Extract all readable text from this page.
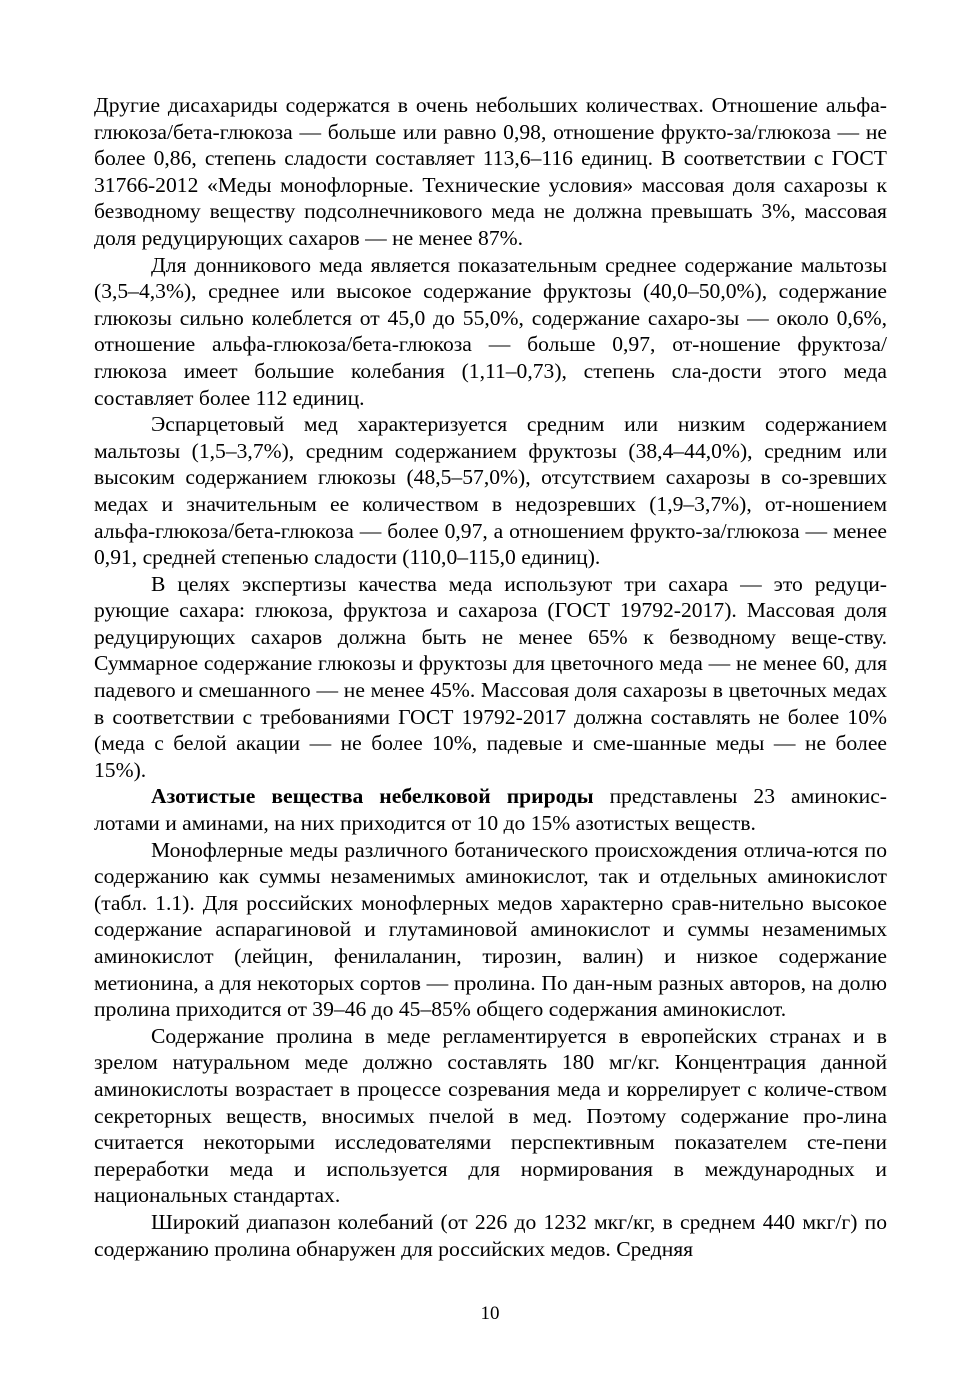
Другие дисахариды содержатся в очень небольших количествах. Отношение альфа-глюкоза/бета-глюкоза — больше или равно 0,98, отношение фрукто-за/глюкоза — не более 0,86, степень сладости составляет 113,6–116 единиц. В соответствии с ГОСТ 31766-2012 «Меды монофлорные. Технические условия» массовая доля сахарозы к безводному веществу подсолнечникового меда не должна превышать 3%, массовая доля редуцирующих сахаров — не менее 87%.

Для донникового меда является показательным среднее содержание мальтозы (3,5–4,3%), среднее или высокое содержание фруктозы (40,0–50,0%), содержание глюкозы сильно колеблется от 45,0 до 55,0%, содержание сахаро-зы — около 0,6%, отношение альфа-глюкоза/бета-глюкоза — больше 0,97, от-ношение фруктоза/глюкоза имеет большие колебания (1,11–0,73), степень сла-дости этого меда составляет более 112 единиц.

Эспарцетовый мед характеризуется средним или низким содержанием мальтозы (1,5–3,7%), средним содержанием фруктозы (38,4–44,0%), средним или высоким содержанием глюкозы (48,5–57,0%), отсутствием сахарозы в со-зревших медах и значительным ее количеством в недозревших (1,9–3,7%), от-ношением альфа-глюкоза/бета-глюкоза — более 0,97, а отношением фрукто-за/глюкоза — менее 0,91, средней степенью сладости (110,0–115,0 единиц).

В целях экспертизы качества меда используют три сахара — это редуци-рующие сахара: глюкоза, фруктоза и сахароза (ГОСТ 19792-2017). Массовая доля редуцирующих сахаров должна быть не менее 65% к безводному веще-ству. Суммарное содержание глюкозы и фруктозы для цветочного меда — не менее 60, для падевого и смешанного — не менее 45%. Массовая доля сахарозы в цветочных медах в соответствии с требованиями ГОСТ 19792-2017 должна составлять не более 10% (меда с белой акации — не более 10%, падевые и сме-шанные меды — не более 15%).

Азотистые вещества небелковой природы представлены 23 аминокис-лотами и аминами, на них приходится от 10 до 15% азотистых веществ.

Монофлерные меды различного ботанического происхождения отлича-ются по содержанию как суммы незаменимых аминокислот, так и отдельных аминокислот (табл. 1.1). Для российских монофлерных медов характерно срав-нительно высокое содержание аспарагиновой и глутаминовой аминокислот и суммы незаменимых аминокислот (лейцин, фенилаланин, тирозин, валин) и низкое содержание метионина, а для некоторых сортов — пролина. По дан-ным разных авторов, на долю пролина приходится от 39–46 до 45–85% общего содержания аминокислот.

Содержание пролина в меде регламентируется в европейских странах и в зрелом натуральном меде должно составлять 180 мг/кг. Концентрация данной аминокислоты возрастает в процессе созревания меда и коррелирует с количе-ством секреторных веществ, вносимых пчелой в мед. Поэтому содержание про-лина считается некоторыми исследователями перспективным показателем сте-пени переработки меда и используется для нормирования в международных и национальных стандартах.

Широкий диапазон колебаний (от 226 до 1232 мкг/кг, в среднем 440 мкг/г) по содержанию пролина обнаружен для российских медов. Средняя

10
